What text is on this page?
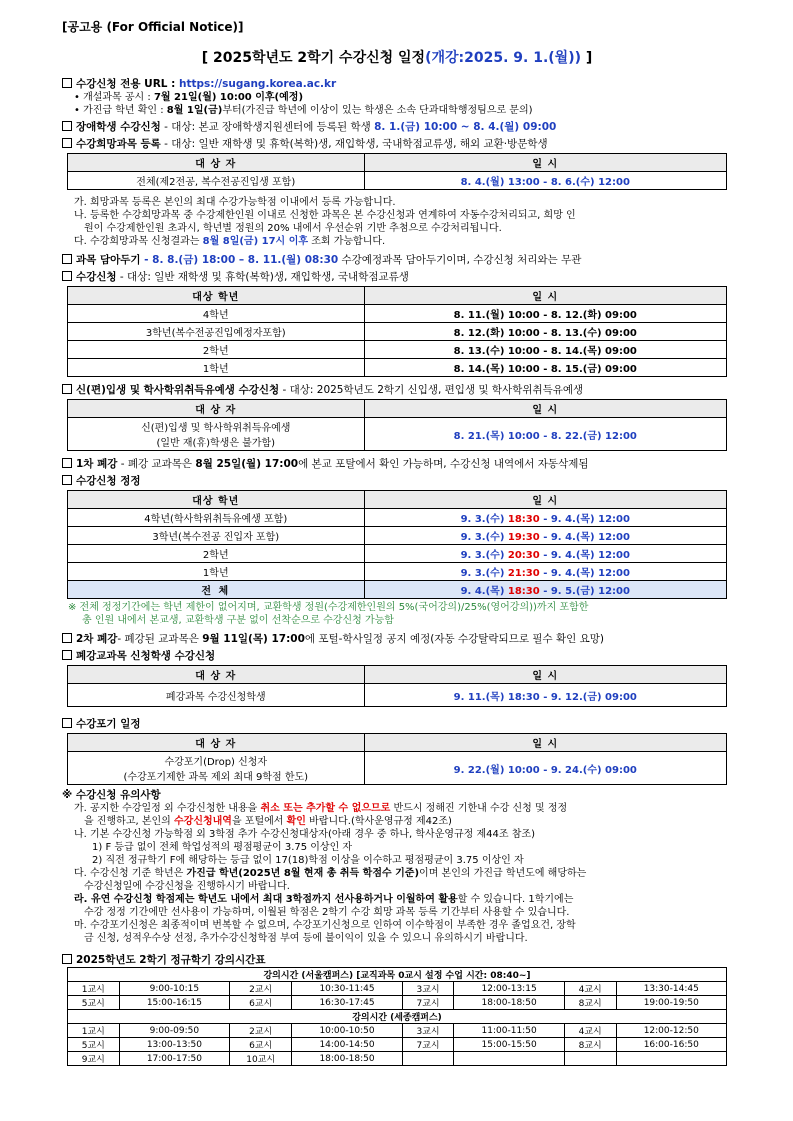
[공고용 (For Official Notice)]
[ 2025학년도 2학기 수강신청 일정(개강:2025. 9. 1.(월)) ]
수강신청 전용 URL : https://sugang.korea.ac.kr
• 개설과목 공시 : 7월 21일(월) 10:00 이후(예정)
• 가진급 학년 확인 : 8월 1일(금)부터(가진급 학년에 이상이 있는 학생은 소속 단과대학행정팀으로 문의)
장애학생 수강신청 - 대상: 본교 장애학생지원센터에 등록된 학생 8. 1.(금) 10:00 ~ 8. 4.(월) 09:00
수강희망과목 등록 - 대상: 일반 재학생 및 휴학(복학)생, 재입학생, 국내학점교류생, 해외 교환·방문학생
대 상 자	일 시
전체(제2전공, 복수전공진입생 포함)	8. 4.(월) 13:00 - 8. 6.(수) 12:00
가. 희망과목 등록은 본인의 최대 수강가능학점 이내에서 등록 가능합니다.
나. 등록한 수강희망과목 중 수강제한인원 이내로 신청한 과목은 본 수강신청과 연계하여 자동수강처리되고, 희망 인
원이 수강제한인원 초과시, 학년별 정원의 20% 내에서 우선순위 기반 추첨으로 수강처리됩니다.
다. 수강희망과목 신청결과는 8월 8일(금) 17시 이후 조회 가능합니다.
과목 담아두기 - 8. 8.(금) 18:00 – 8. 11.(월) 08:30 수강예정과목 담아두기이며, 수강신청 처리와는 무관
수강신청 - 대상: 일반 재학생 및 휴학(복학)생, 재입학생, 국내학점교류생
대상 학년	일 시
4학년	8. 11.(월) 10:00 - 8. 12.(화) 09:00
3학년(복수전공진입예정자포함)	8. 12.(화) 10:00 - 8. 13.(수) 09:00
2학년	8. 13.(수) 10:00 - 8. 14.(목) 09:00
1학년	8. 14.(목) 10:00 - 8. 15.(금) 09:00
신(편)입생 및 학사학위취득유예생 수강신청 - 대상: 2025학년도 2학기 신입생, 편입생 및 학사학위취득유예생
대 상 자	일 시

신(편)입생 및 학사학위취득유예생
(일반 재(휴)학생은 불가함)	8. 21.(목) 10:00 - 8. 22.(금) 12:00
1차 폐강 - 폐강 교과목은 8월 25일(월) 17:00에 본교 포탈에서 확인 가능하며, 수강신청 내역에서 자동삭제됨
수강신청 정정
대상 학년	일 시
4학년(학사학위취득유예생 포함)	9. 3.(수) 18:30 - 9. 4.(목) 12:00
3학년(복수전공 진입자 포함)	9. 3.(수) 19:30 - 9. 4.(목) 12:00
2학년	9. 3.(수) 20:30 - 9. 4.(목) 12:00
1학년	9. 3.(수) 21:30 - 9. 4.(목) 12:00
전 체	9. 4.(목) 18:30 - 9. 5.(금) 12:00
※ 전체 정정기간에는 학년 제한이 없어지며, 교환학생 정원(수강제한인원의 5%(국어강의)/25%(영어강의))까지 포함한
총 인원 내에서 본교생, 교환학생 구분 없이 선착순으로 수강신청 가능함
2차 폐강- 폐강된 교과목은 9월 11일(목) 17:00에 포털-학사일정 공지 예정(자동 수강탈락되므로 필수 확인 요망)
폐강교과목 신청학생 수강신청
대 상 자	일 시
폐강과목 수강신청학생	9. 11.(목) 18:30 - 9. 12.(금) 09:00
수강포기 일정
대 상 자	일 시

수강포기(Drop) 신청자
(수강포기제한 과목 제외 최대 9학점 한도)	9. 22.(월) 10:00 - 9. 24.(수) 09:00
※ 수강신청 유의사항
가. 공지한 수강일정 외 수강신청한 내용을 취소 또는 추가할 수 없으므로 반드시 정해진 기한내 수강 신청 및 정정
을 진행하고, 본인의 수강신청내역을 포털에서 확인 바랍니다.(학사운영규정 제42조)
나. 기본 수강신청 가능학점 외 3학점 추가 수강신청대상자(아래 경우 중 하나, 학사운영규정 제44조 참조)
1) F 등급 없이 전체 학업성적의 평점평균이 3.75 이상인 자
2) 직전 정규학기 F에 해당하는 등급 없이 17(18)학점 이상을 이수하고 평점평균이 3.75 이상인 자
다. 수강신청 기준 학년은 가진급 학년(2025년 8월 현재 총 취득 학점수 기준)이며 본인의 가진급 학년도에 해당하는
수강신청일에 수강신청을 진행하시기 바랍니다.
라. 유연 수강신청 학점제는 학년도 내에서 최대 3학점까지 선사용하거나 이월하여 활용할 수 있습니다. 1학기에는
수강 정정 기간에만 선사용이 가능하며, 이월된 학점은 2학기 수강 희망 과목 등록 기간부터 사용할 수 있습니다.
마. 수강포기신청은 최종적이며 번복할 수 없으며, 수강포기신청으로 인하여 이수학점이 부족한 경우 졸업요건, 장학
금 신청, 성적우수상 선정, 추가수강신청학점 부여 등에 불이익이 있을 수 있으니 유의하시기 바랍니다.
2025학년도 2학기 정규학기 강의시간표
강의시간 (서울캠퍼스) [교직과목 0교시 설정 수업 시간: 08:40~]							
1교시	9:00-10:15	2교시	10:30-11:45	3교시	12:00-13:15	4교시	13:30-14:45
5교시	15:00-16:15	6교시	16:30-17:45	7교시	18:00-18:50	8교시	19:00-19:50
강의시간 (세종캠퍼스)							
1교시	9:00-09:50	2교시	10:00-10:50	3교시	11:00-11:50	4교시	12:00-12:50
5교시	13:00-13:50	6교시	14:00-14:50	7교시	15:00-15:50	8교시	16:00-16:50
9교시	17:00-17:50	10교시	18:00-18:50				
